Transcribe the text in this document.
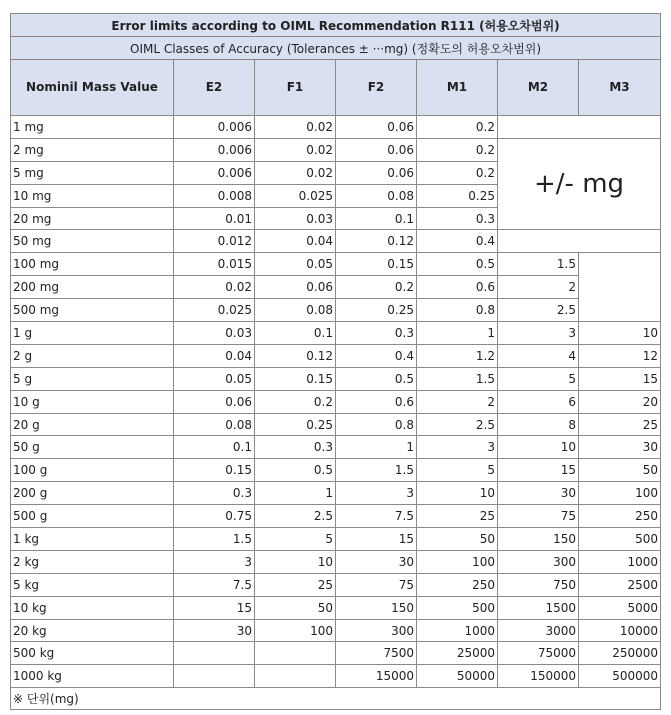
Error limits according to OIML Recommendation R111 (허용오차범위)						
OIML Classes of Accuracy (Tolerances ± ···mg) (정확도의 허용오차범위)						
Nominil Mass Value	E2	F1	F2	M1	M2	M3
1 mg	0.006	0.02	0.06	0.2		
2 mg	0.006	0.02	0.06	0.2	+/- mg	
5 mg	0.006	0.02	0.06	0.2		
10 mg	0.008	0.025	0.08	0.25		
20 mg	0.01	0.03	0.1	0.3		
50 mg	0.012	0.04	0.12	0.4		
100 mg	0.015	0.05	0.15	0.5	1.5	
200 mg	0.02	0.06	0.2	0.6	2	
500 mg	0.025	0.08	0.25	0.8	2.5	
1 g	0.03	0.1	0.3	1	3	10
2 g	0.04	0.12	0.4	1.2	4	12
5 g	0.05	0.15	0.5	1.5	5	15
10 g	0.06	0.2	0.6	2	6	20
20 g	0.08	0.25	0.8	2.5	8	25
50 g	0.1	0.3	1	3	10	30
100 g	0.15	0.5	1.5	5	15	50
200 g	0.3	1	3	10	30	100
500 g	0.75	2.5	7.5	25	75	250
1 kg	1.5	5	15	50	150	500
2 kg	3	10	30	100	300	1000
5 kg	7.5	25	75	250	750	2500
10 kg	15	50	150	500	1500	5000
20 kg	30	100	300	1000	3000	10000
500 kg			7500	25000	75000	250000
1000 kg			15000	50000	150000	500000
※ 단위(mg)						
